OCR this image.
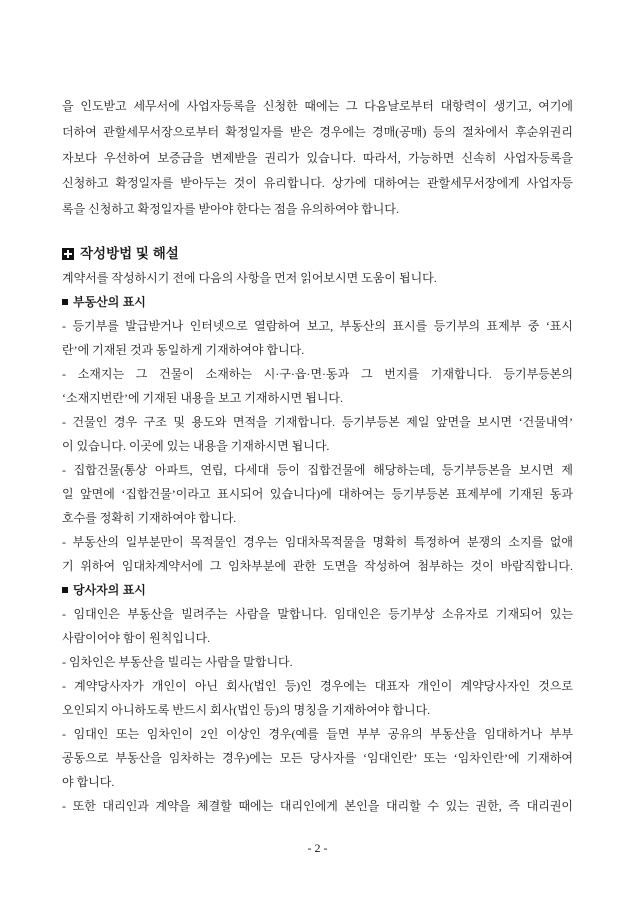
을 인도받고 세무서에 사업자등록을 신청한 때에는 그 다음날로부터 대항력이 생기고, 여기에
더하여 관할세무서장으로부터 확정일자를 받은 경우에는 경매(공매) 등의 절차에서 후순위권리
자보다 우선하여 보증금을 변제받을 권리가 있습니다. 따라서, 가능하면 신속히 사업자등록을
신청하고 확정일자를 받아두는 것이 유리합니다. 상가에 대하여는 관할세무서장에게 사업자등
록을 신청하고 확정일자를 받아야 한다는 점을 유의하여야 합니다.
작성방법 및 해설
계약서를 작성하시기 전에 다음의 사항을 먼저 읽어보시면 도움이 됩니다.
부동산의 표시
- 등기부를 발급받거나 인터넷으로 열람하여 보고, 부동산의 표시를 등기부의 표제부 중 ‘표시
란’에 기재된 것과 동일하게 기재하여야 합니다.
- 소재지는 그 건물이 소재하는 시·구·읍·면·동과 그 번지를 기재합니다. 등기부등본의
‘소재지번란’에 기재된 내용을 보고 기재하시면 됩니다.
- 건물인 경우 구조 및 용도와 면적을 기재합니다. 등기부등본 제일 앞면을 보시면 ‘건물내역’
이 있습니다. 이곳에 있는 내용을 기재하시면 됩니다.
- 집합건물(통상 아파트, 연립, 다세대 등이 집합건물에 해당하는데, 등기부등본을 보시면 제
일 앞면에 ‘집합건물’이라고 표시되어 있습니다)에 대하여는 등기부등본 표제부에 기재된 동과
호수를 정확히 기재하여야 합니다.
- 부동산의 일부분만이 목적물인 경우는 임대차목적물을 명확히 특정하여 분쟁의 소지를 없애
기 위하여 임대차계약서에 그 임차부분에 관한 도면을 작성하여 첨부하는 것이 바람직합니다.
당사자의 표시
- 임대인은 부동산을 빌려주는 사람을 말합니다. 임대인은 등기부상 소유자로 기재되어 있는
사람이어야 함이 원칙입니다.
- 임차인은 부동산을 빌리는 사람을 말합니다.
- 계약당사자가 개인이 아닌 회사(법인 등)인 경우에는 대표자 개인이 계약당사자인 것으로
오인되지 아니하도록 반드시 회사(법인 등)의 명칭을 기재하여야 합니다.
- 임대인 또는 임차인이 2인 이상인 경우(예를 들면 부부 공유의 부동산을 임대하거나 부부
공동으로 부동산을 임차하는 경우)에는 모든 당사자를 ‘임대인란’ 또는 ‘임차인란’에 기재하여
야 합니다.
- 또한 대리인과 계약을 체결할 때에는 대리인에게 본인을 대리할 수 있는 권한, 즉 대리권이
- 2 -
